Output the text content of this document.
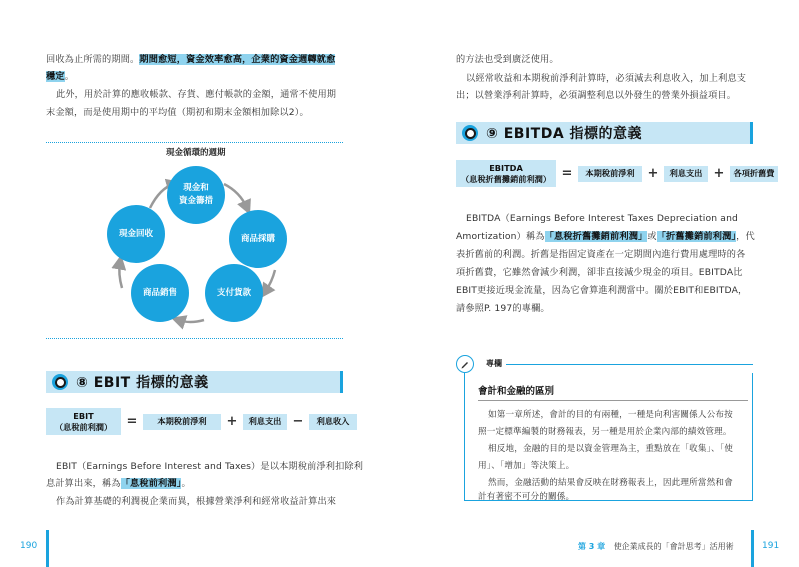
回收為止所需的期間。期間愈短，資金效率愈高，企業的資金週轉就愈
穩定。
此外，用於計算的應收帳款、存貨、應付帳款的金額，通常不使用期
末金額，而是使用期中的平均值（期初和期末金額相加除以2）。
現金循環的週期
現金和
資金籌措
商品採購
支付貨款
商品銷售
現金回收
⑧ EBIT 指標的意義
EBIT
（息稅前利潤） =	本期稅前淨利	+	利息支出 −	利息收入
EBIT（Earnings Before Interest and Taxes）是以本期稅前淨利扣除利
息計算出來，稱為「息稅前利潤」。
作為計算基礎的利潤視企業而異，根據營業淨利和經常收益計算出來
190
的方法也受到廣泛使用。
以經常收益和本期稅前淨利計算時，必須減去利息收入，加上利息支
出；以營業淨利計算時，必須調整利息以外發生的營業外損益項目。
⑨ EBITDA 指標的意義
EBITDA
（息稅折舊攤銷前利潤） =	本期稅前淨利 +	利息支出 +	各項折舊費
EBITDA（Earnings Before Interest Taxes Depreciation and
Amortization）稱為「息稅折舊攤銷前利潤」或「折舊攤銷前利潤」，代
表折舊前的利潤。折舊是指固定資產在一定期間內進行費用處理時的各
項折舊費，它雖然會減少利潤，卻非直接減少現金的項目。EBITDA比
EBIT更接近現金流量，因為它會算進利潤當中。關於EBIT和EBITDA，
請參照P. 197的專欄。
專欄
會計和金融的區別
如第一章所述，會計的目的有兩種，一種是向利害關係人公布按
照一定標準編製的財務報表，另一種是用於企業內部的績效管理。
相反地，金融的目的是以資金管理為主，重點放在「收集」、「使
用」、「增加」等決策上。
然而，金融活動的結果會反映在財務報表上，因此理所當然和會
計有著密不可分的關係。
第 3 章 使企業成長的「會計思考」活用術	191
